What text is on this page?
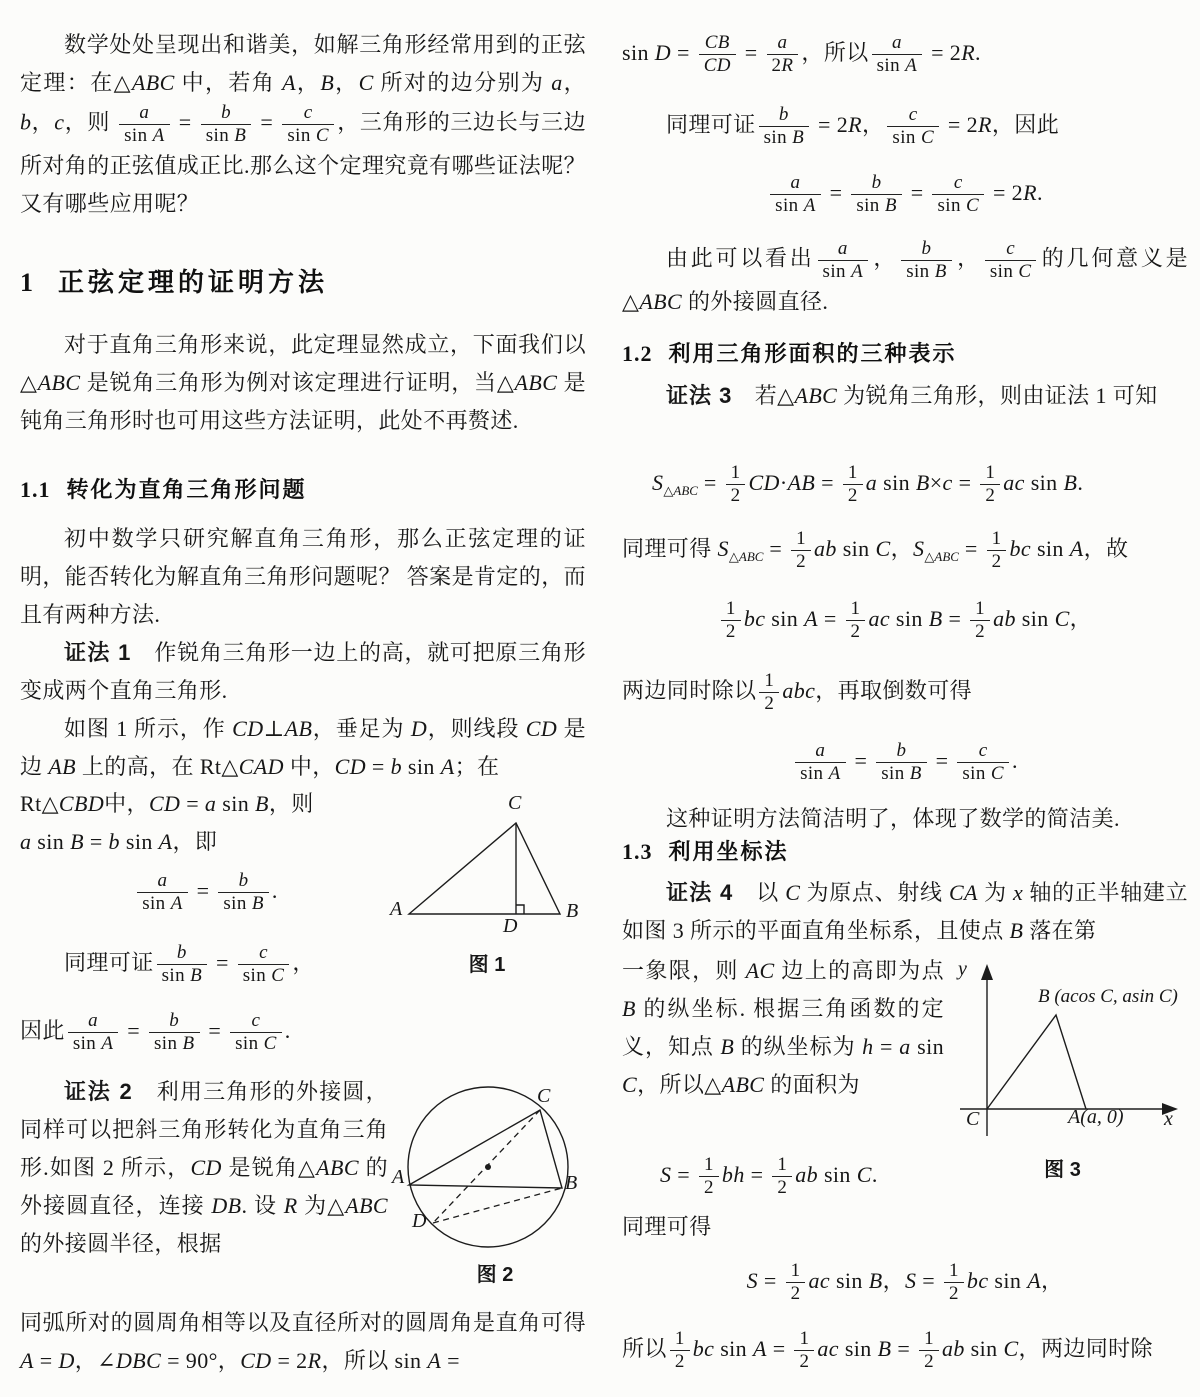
数学处处呈现出和谐美，如解三角形经常用到的正弦定理：在△ABC 中，若角 A，B，C 所对的边分别为 a，b，c，则 $\frac{a}{\text{sin A}} = \frac{b}{\text{sin B}} = \frac{c}{\text{sin C}}$ ，三角形的三边长与三边所对角的正弦值成正比.那么这个定理究竟有哪些证法呢？ 又有哪些应用呢？
1 正弦定理的证明方法
对于直角三角形来说，此定理显然成立，下面我们以△ABC 是锐角三角形为例对该定理进行证明，当△ABC 是钝角三角形时也可用这些方法证明，此处不再赘述.
1.1 转化为直角三角形问题
初中数学只研究解直角三角形，那么正弦定理的证明，能否转化为解直角三角形问题呢？ 答案是肯定的，而且有两种方法.
证法 1　作锐角三角形一边上的高，就可把原三角形变成两个直角三角形.
如图 1 所示，作 CD⊥AB，垂足为 D，则线段 CD 是边 AB 上的高，在 Rt△CAD 中，CD = b sin A；在
Rt△CBD中，CD = a sin B，则
a sin B = b sin A，即
$\frac{a}{\text{sin A}} = \frac{b}{\text{sin B}}$ .
同理可证 $\frac{b}{\text{sin B}} = \frac{c}{\text{sin C}}$ ，
因此 $\frac{a}{\text{sin A}} = \frac{b}{\text{sin B}} = \frac{c}{\text{sin C}}$ .
证法 2　利用三角形的外接圆，同样可以把斜三角形转化为直角三角形.如图 2 所示，CD 是锐角△ABC 的外接圆直径，连接 DB. 设 R 为△ABC 的外接圆半径，根据
同弧所对的圆周角相等以及直径所对的圆周角是直角可得 A = D，∠DBC = 90°，CD = 2R，所以 sin A =
A	B
C
D
图 1
A	B
C
D
图 2
$\sin D = \frac{CB}{CD} = \frac{a}{2R}$ ，所以 $\frac{a}{\text{sin A}} = 2R$.
同理可证 $\frac{b}{\text{sin B}} = 2R$， $\frac{c}{\text{sin C}} = 2R$，因此
$\frac{a}{\text{sin A}} = \frac{b}{\text{sin B}} = \frac{c}{\text{sin C}} = 2R$.
由此可以看出 $\frac{a}{\text{sin A}}$ ， $\frac{b}{\text{sin B}}$ ， $\frac{c}{\text{sin C}}$ 的几何意义是△ABC 的外接圆直径.
1.2 利用三角形面积的三种表示
证法 3　若△ABC 为锐角三角形，则由证法 1 可知
$S_{\triangle ABC} = \frac{1}{2} CD\cdot AB = \frac{1}{2}$ a $\sin B\times c = \frac{1}{2}$ ac sin B.
同理可得 $S_{\triangle ABC} = \frac{1}{2}$ ab sin C，$S_{\triangle ABC} = \frac{1}{2}$ bc sin A，故
$\frac{1}{2}$ bc $\sin A = \frac{1}{2}$ ac $\sin B = \frac{1}{2}$ ab sin C，
两边同时除以 $\frac{1}{2}$ abc，再取倒数可得
$\frac{a}{\text{sin A}} = \frac{b}{\text{sin B}} = \frac{c}{\text{sin C}}$ .
这种证明方法简洁明了，体现了数学的简洁美.
1.3 利用坐标法
证法 4　以 C 为原点、射线 CA 为 x 轴的正半轴建立如图 3 所示的平面直角坐标系，且使点 B 落在第
一象限，则 AC 边上的高即为点 B 的纵坐标. 根据三角函数的定义，知点 B 的纵坐标为 h = a sin C，所以△ABC 的面积为
$S = \frac{1}{2}$ bh = $\frac{1}{2}$ ab sin C.
同理可得
$S = \frac{1}{2}$ ac sin B，$S = \frac{1}{2}$ bc sin A，
所以 $\frac{1}{2}$ bc $\sin A = \frac{1}{2}$ ac $\sin B = \frac{1}{2}$ ab sin C，两边同时除
y
x
C
B (acos C, asin C)
A(a, 0)
图 3
